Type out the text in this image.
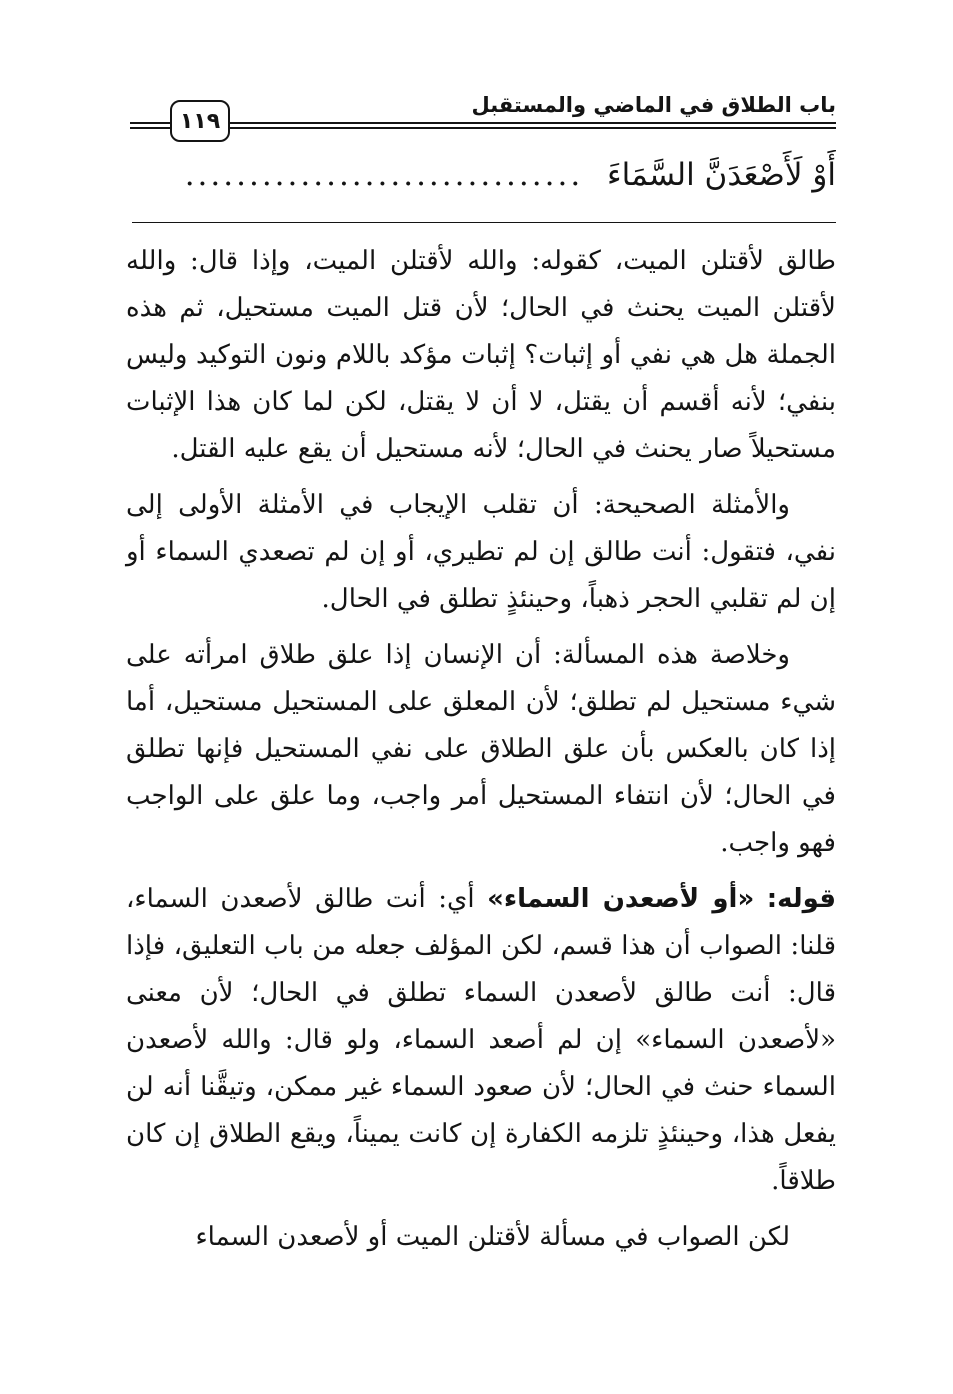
باب الطلاق في الماضي والمستقبل
١١٩
أَوْ لَأَصْعَدَنَّ السَّمَاءَ ...............................

طالق لأقتلن الميت، كقوله: والله لأقتلن الميت، وإذا قال: والله لأقتلن الميت يحنث في الحال؛ لأن قتل الميت مستحيل، ثم هذه الجملة هل هي نفي أو إثبات؟ إثبات مؤكد باللام ونون التوكيد وليس بنفي؛ لأنه أقسم أن يقتل، لا أن لا يقتل، لكن لما كان هذا الإثبات مستحيلاً صار يحنث في الحال؛ لأنه مستحيل أن يقع عليه القتل.

والأمثلة الصحيحة: أن تقلب الإيجاب في الأمثلة الأولى إلى نفي، فتقول: أنت طالق إن لم تطيري، أو إن لم تصعدي السماء أو إن لم تقلبي الحجر ذهباً، وحينئذٍ تطلق في الحال.

وخلاصة هذه المسألة: أن الإنسان إذا علق طلاق امرأته على شيء مستحيل لم تطلق؛ لأن المعلق على المستحيل مستحيل، أما إذا كان بالعكس بأن علق الطلاق على نفي المستحيل فإنها تطلق في الحال؛ لأن انتفاء المستحيل أمر واجب، وما علق على الواجب فهو واجب.

قوله: «أو لأصعدن السماء» أي: أنت طالق لأصعدن السماء، قلنا: الصواب أن هذا قسم، لكن المؤلف جعله من باب التعليق، فإذا قال: أنت طالق لأصعدن السماء تطلق في الحال؛ لأن معنى «لأصعدن السماء» إن لم أصعد السماء، ولو قال: والله لأصعدن السماء حنث في الحال؛ لأن صعود السماء غير ممكن، وتيقَّنا أنه لن يفعل هذا، وحينئذٍ تلزمه الكفارة إن كانت يميناً، ويقع الطلاق إن كان طلاقاً.

لكن الصواب في مسألة لأقتلن الميت أو لأصعدن السماء
